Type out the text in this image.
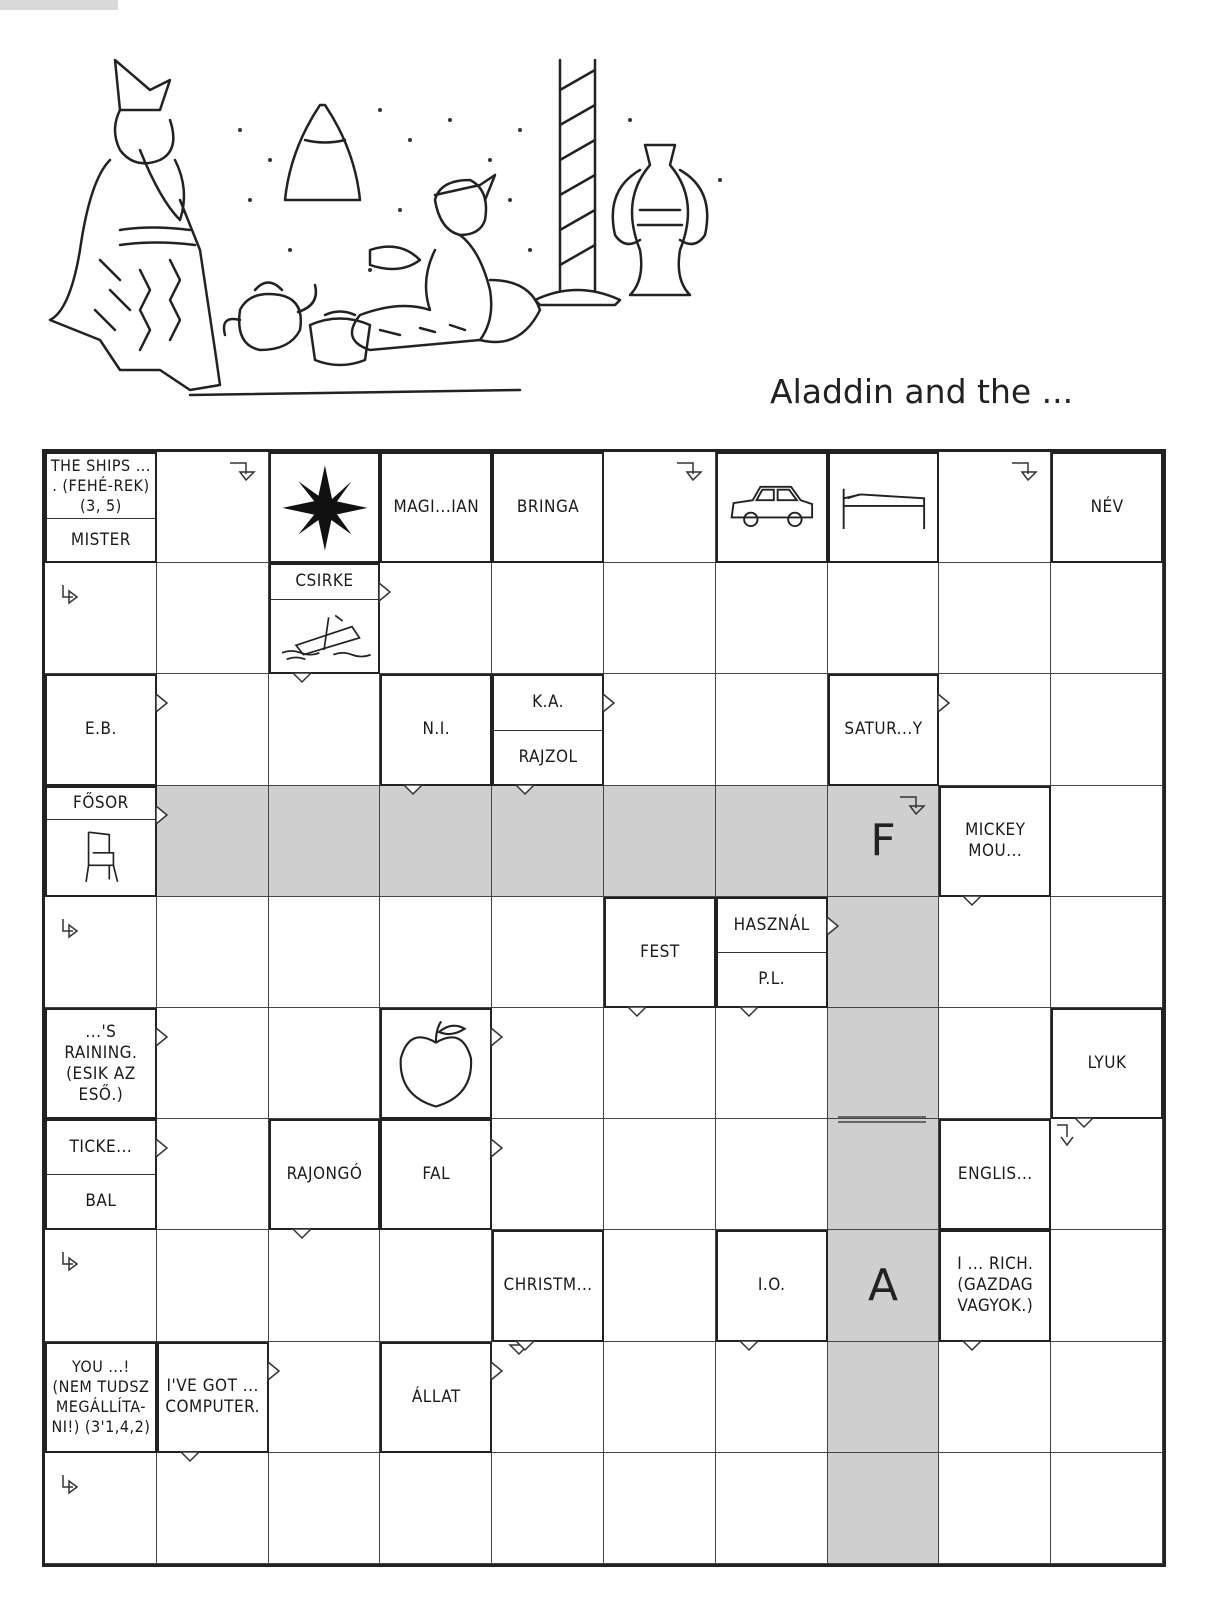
Aladdin and the ...
THE SHIPS ... . (FEHÉ-REK) (3, 5)
MISTER
MAGI...IAN	BRINGA	NÉV
CSIRKE
E.B.	N.I.
K.A.
RAJZOL
SATUR...Y
FŐSOR
F	MICKEY MOU...
FEST
HASZNÁL
P.L.
...'S RAINING. (ESIK AZ ESŐ.)
LYUK
TICKE...
BAL
RAJONGÓ	FAL	ENGLIS...
CHRISTM...	I.O.	A	I ... RICH. (GAZDAG VAGYOK.)
YOU ...! (NEM TUDSZ MEGÁLLÍTA-NI!) (3'1,4,2)
I'VE GOT ... COMPUTER.
ÁLLAT
